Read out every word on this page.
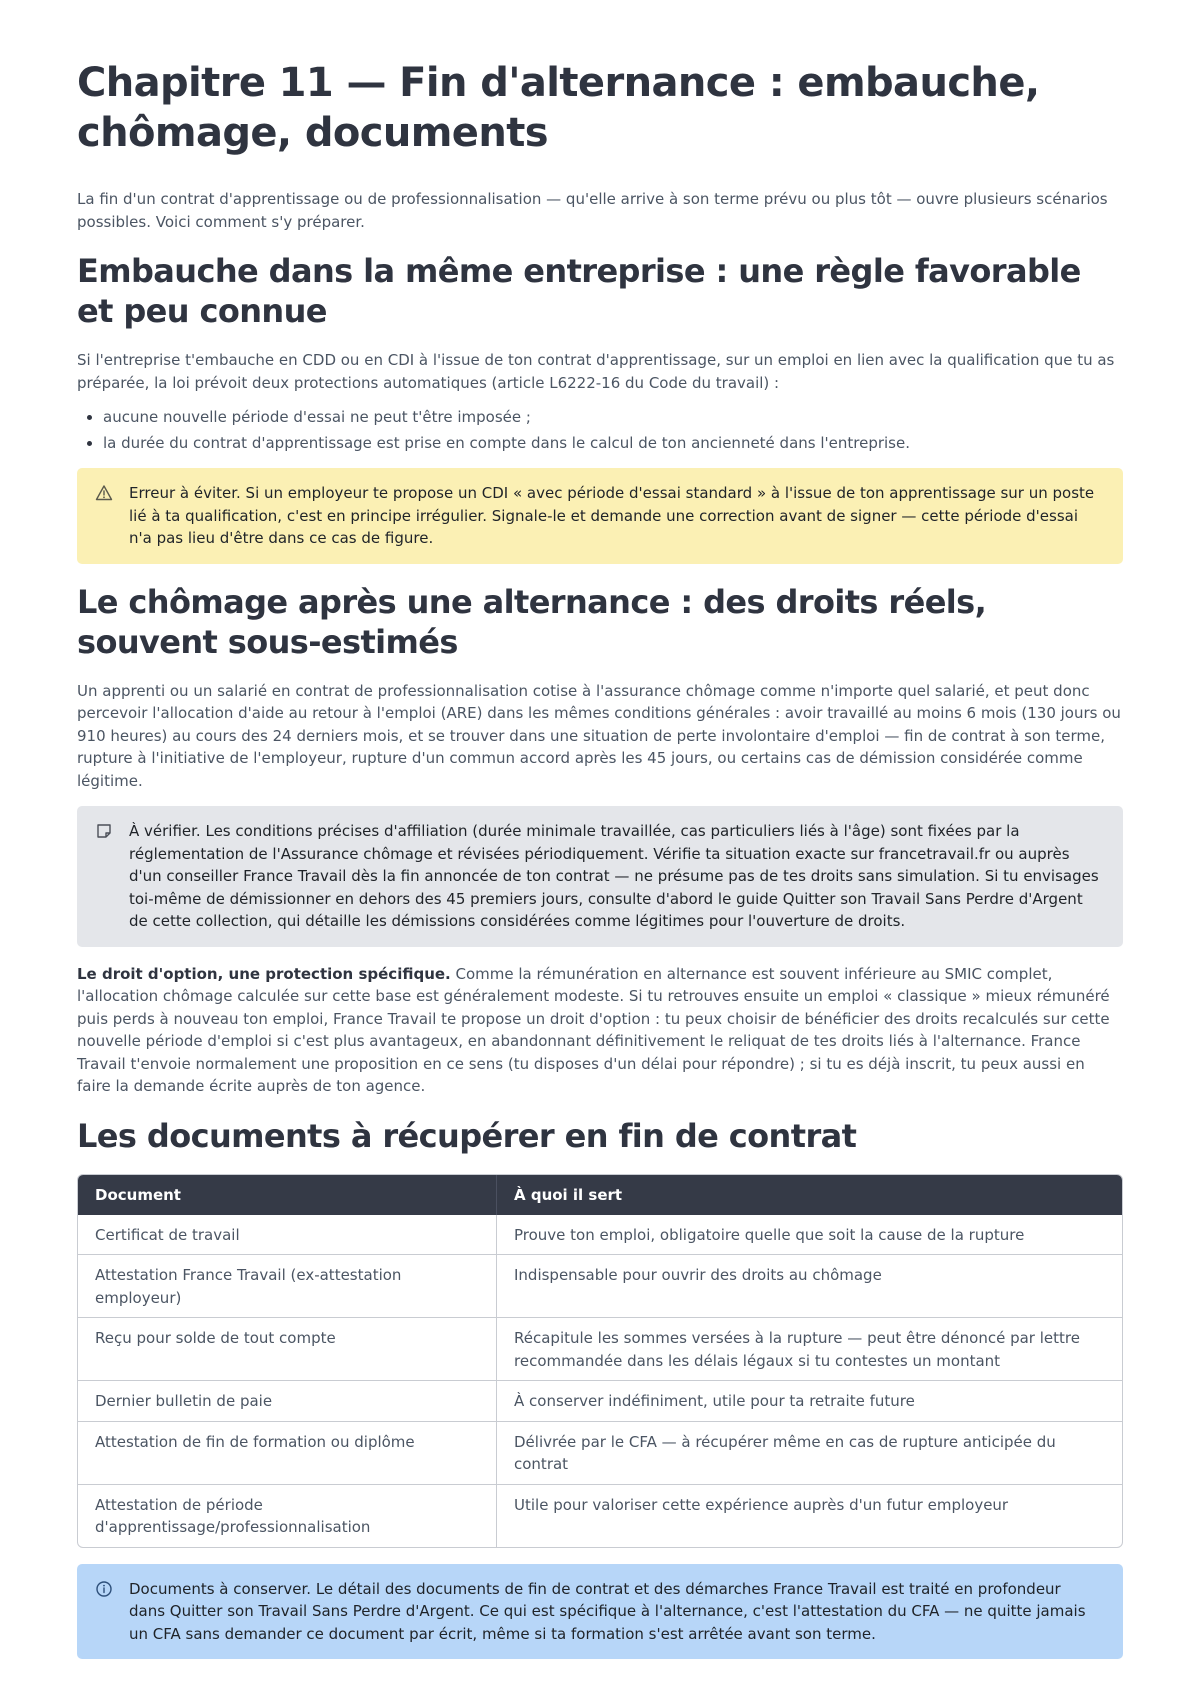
Chapitre 11 — Fin d'alternance : embauche, chômage, documents

La fin d'un contrat d'apprentissage ou de professionnalisation — qu'elle arrive à son terme prévu ou plus tôt — ouvre plusieurs scénarios possibles. Voici comment s'y préparer.

Embauche dans la même entreprise : une règle favorable et peu connue

Si l'entreprise t'embauche en CDD ou en CDI à l'issue de ton contrat d'apprentissage, sur un emploi en lien avec la qualification que tu as préparée, la loi prévoit deux protections automatiques (article L6222-16 du Code du travail) :

• aucune nouvelle période d'essai ne peut t'être imposée ;
• la durée du contrat d'apprentissage est prise en compte dans le calcul de ton ancienneté dans l'entreprise.

Erreur à éviter. Si un employeur te propose un CDI « avec période d'essai standard » à l'issue de ton apprentissage sur un poste lié à ta qualification, c'est en principe irrégulier. Signale-le et demande une correction avant de signer — cette période d'essai n'a pas lieu d'être dans ce cas de figure.

Le chômage après une alternance : des droits réels, souvent sous-estimés

Un apprenti ou un salarié en contrat de professionnalisation cotise à l'assurance chômage comme n'importe quel salarié, et peut donc percevoir l'allocation d'aide au retour à l'emploi (ARE) dans les mêmes conditions générales : avoir travaillé au moins 6 mois (130 jours ou 910 heures) au cours des 24 derniers mois, et se trouver dans une situation de perte involontaire d'emploi — fin de contrat à son terme, rupture à l'initiative de l'employeur, rupture d'un commun accord après les 45 jours, ou certains cas de démission considérée comme légitime.

À vérifier. Les conditions précises d'affiliation (durée minimale travaillée, cas particuliers liés à l'âge) sont fixées par la réglementation de l'Assurance chômage et révisées périodiquement. Vérifie ta situation exacte sur francetravail.fr ou auprès d'un conseiller France Travail dès la fin annoncée de ton contrat — ne présume pas de tes droits sans simulation. Si tu envisages toi-même de démissionner en dehors des 45 premiers jours, consulte d'abord le guide Quitter son Travail Sans Perdre d'Argent de cette collection, qui détaille les démissions considérées comme légitimes pour l'ouverture de droits.

Le droit d'option, une protection spécifique. Comme la rémunération en alternance est souvent inférieure au SMIC complet, l'allocation chômage calculée sur cette base est généralement modeste. Si tu retrouves ensuite un emploi « classique » mieux rémunéré puis perds à nouveau ton emploi, France Travail te propose un droit d'option : tu peux choisir de bénéficier des droits recalculés sur cette nouvelle période d'emploi si c'est plus avantageux, en abandonnant définitivement le reliquat de tes droits liés à l'alternance. France Travail t'envoie normalement une proposition en ce sens (tu disposes d'un délai pour répondre) ; si tu es déjà inscrit, tu peux aussi en faire la demande écrite auprès de ton agence.

Les documents à récupérer en fin de contrat
Document	À quoi il sert
Certificat de travail	Prouve ton emploi, obligatoire quelle que soit la cause de la rupture
Attestation France Travail (ex-attestation employeur)	Indispensable pour ouvrir des droits au chômage
Reçu pour solde de tout compte	Récapitule les sommes versées à la rupture — peut être dénoncé par lettre recommandée dans les délais légaux si tu contestes un montant
Dernier bulletin de paie	À conserver indéfiniment, utile pour ta retraite future
Attestation de fin de formation ou diplôme	Délivrée par le CFA — à récupérer même en cas de rupture anticipée du contrat
Attestation de période d'apprentissage/professionnalisation	Utile pour valoriser cette expérience auprès d'un futur employeur

Documents à conserver. Le détail des documents de fin de contrat et des démarches France Travail est traité en profondeur dans Quitter son Travail Sans Perdre d'Argent. Ce qui est spécifique à l'alternance, c'est l'attestation du CFA — ne quitte jamais un CFA sans demander ce document par écrit, même si ta formation s'est arrêtée avant son terme.
